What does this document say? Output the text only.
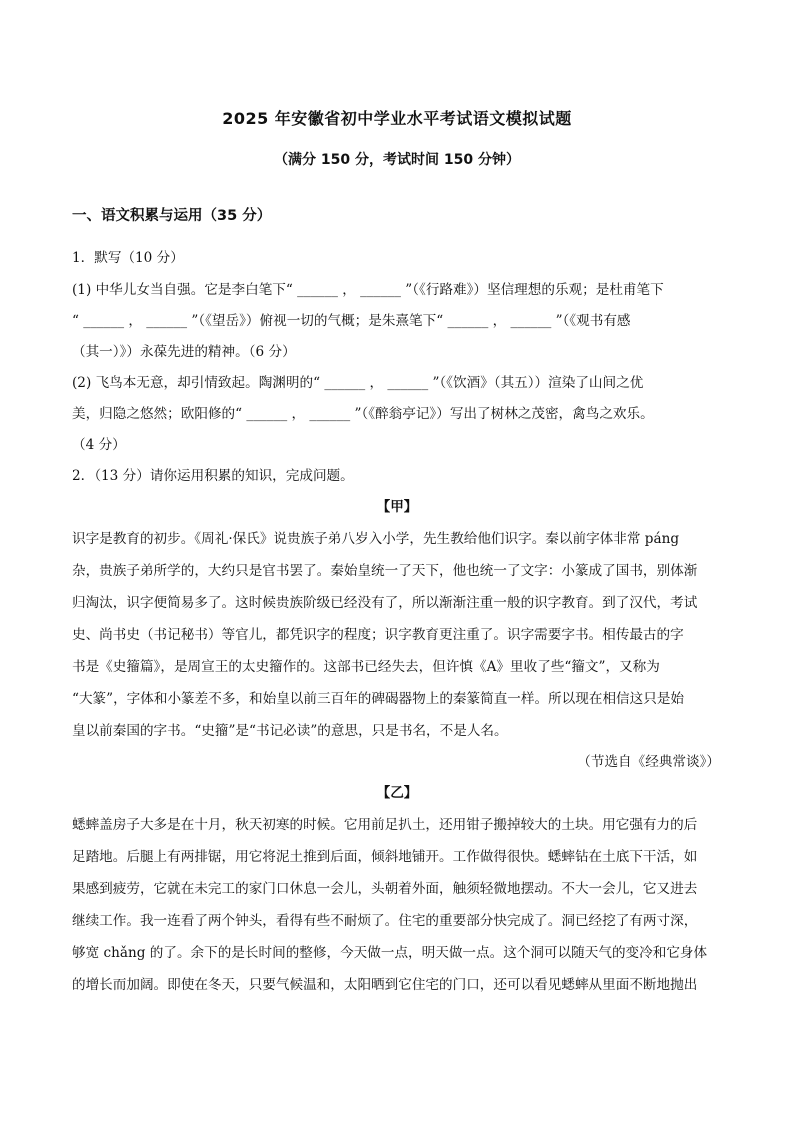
2025 年安徽省初中学业水平考试语文模拟试题
（满分 150 分，考试时间 150 分钟）
一、语文积累与运用（35 分）
1．默写（10 分）
(1) 中华儿女当自强。它是李白笔下“ ______ ， ______ ”（《行路难》）坚信理想的乐观；是杜甫笔下
“ ______ ， ______ ”（《望岳》）俯视一切的气概；是朱熹笔下“ ______ ， ______ ”（《观书有感
（其一）》）永葆先进的精神。（6 分）
(2) 飞鸟本无意，却引情致起。陶渊明的“ ______ ， ______ ”（《饮酒》（其五））渲染了山间之优
美，归隐之悠然；欧阳修的“ ______ ， ______ ”（《醉翁亭记》）写出了树林之茂密，禽鸟之欢乐。
（4 分）
2．（13 分）请你运用积累的知识，完成问题。
【甲】
识字是教育的初步。《周礼·保氏》说贵族子弟八岁入小学，先生教给他们识字。秦以前字体非常 páng
杂，贵族子弟所学的，大约只是官书罢了。秦始皇统一了天下，他也统一了文字：小篆成了国书，别体渐
归淘汰，识字便简易多了。这时候贵族阶级已经没有了，所以渐渐注重一般的识字教育。到了汉代，考试
史、尚书史（书记秘书）等官儿，都凭识字的程度；识字教育更注重了。识字需要字书。相传最古的字
书是《史籀篇》，是周宣王的太史籀作的。这部书已经失去，但许慎《A》里收了些“籀文”，又称为
“大篆”，字体和小篆差不多，和始皇以前三百年的碑碣器物上的秦篆简直一样。所以现在相信这只是始
皇以前秦国的字书。“史籀”是“书记必读”的意思，只是书名，不是人名。
（节选自《经典常谈》）
【乙】
蟋蟀盖房子大多是在十月，秋天初寒的时候。它用前足扒土，还用钳子搬掉较大的土块。用它强有力的后
足踏地。后腿上有两排锯，用它将泥土推到后面，倾斜地铺开。工作做得很快。蟋蟀钻在土底下干活，如
果感到疲劳，它就在未完工的家门口休息一会儿，头朝着外面，触须轻微地摆动。不大一会儿，它又进去
继续工作。我一连看了两个钟头，看得有些不耐烦了。住宅的重要部分快完成了。洞已经挖了有两寸深，
够宽 chǎng 的了。余下的是长时间的整修，今天做一点，明天做一点。这个洞可以随天气的变冷和它身体
的增长而加阔。即使在冬天，只要气候温和，太阳晒到它住宅的门口，还可以看见蟋蟀从里面不断地抛出
